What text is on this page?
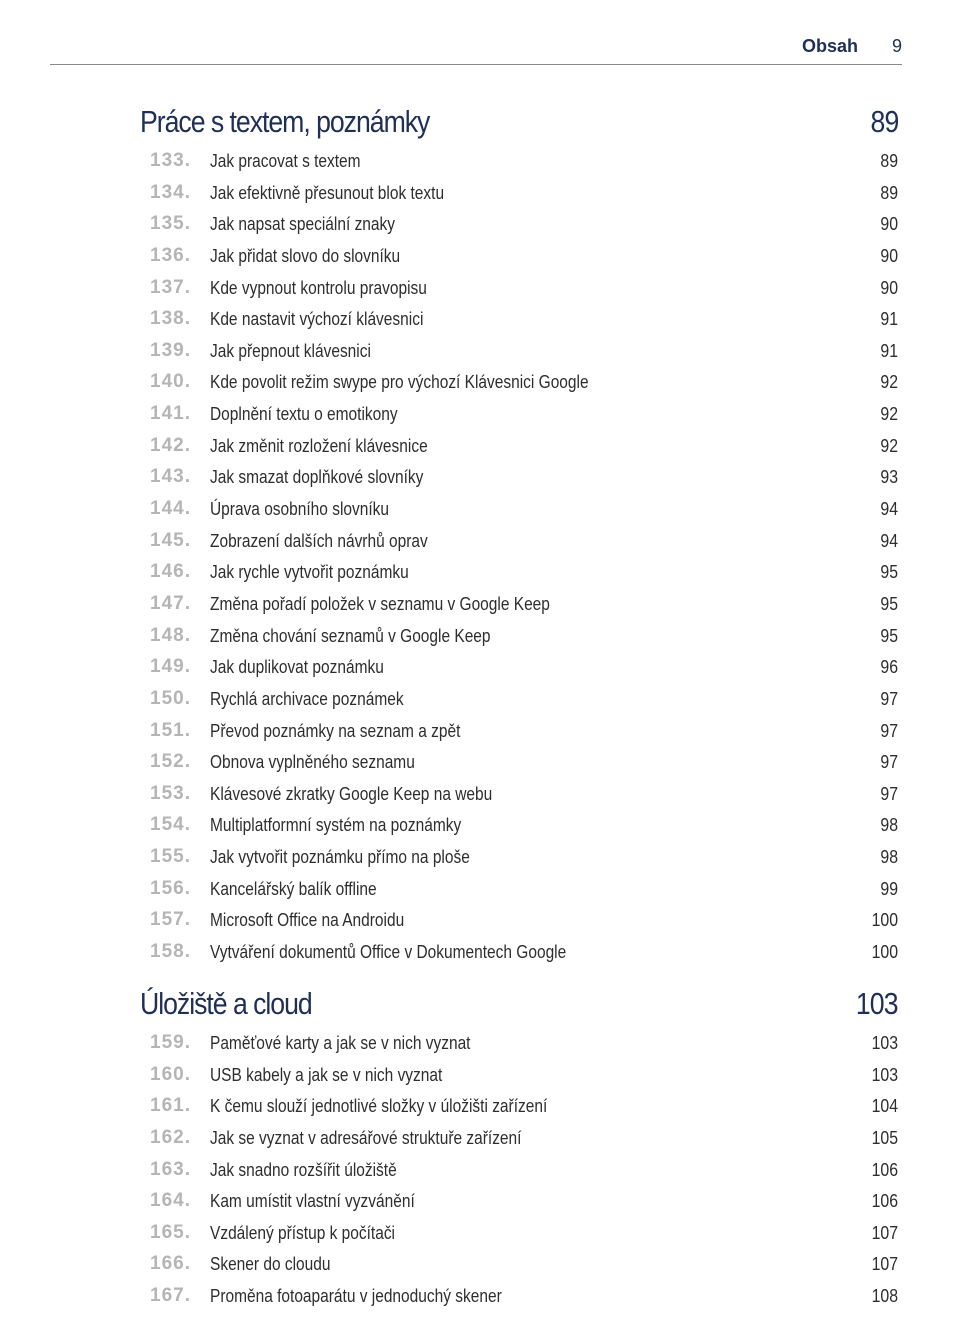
Obsah 9
Práce s textem, poznámky	89
133. Jak pracovat s textem	89
134. Jak efektivně přesunout blok textu	89
135. Jak napsat speciální znaky	90
136. Jak přidat slovo do slovníku	90
137. Kde vypnout kontrolu pravopisu	90
138. Kde nastavit výchozí klávesnici	91
139. Jak přepnout klávesnici	91
140. Kde povolit režim swype pro výchozí Klávesnici Google	92
141. Doplnění textu o emotikony	92
142. Jak změnit rozložení klávesnice	92
143. Jak smazat doplňkové slovníky	93
144. Úprava osobního slovníku	94
145. Zobrazení dalších návrhů oprav	94
146. Jak rychle vytvořit poznámku	95
147. Změna pořadí položek v seznamu v Google Keep	95
148. Změna chování seznamů v Google Keep	95
149. Jak duplikovat poznámku	96
150. Rychlá archivace poznámek	97
151. Převod poznámky na seznam a zpět	97
152. Obnova vyplněného seznamu	97
153. Klávesové zkratky Google Keep na webu	97
154. Multiplatformní systém na poznámky	98
155. Jak vytvořit poznámku přímo na ploše	98
156. Kancelářský balík offline	99
157. Microsoft Office na Androidu	100
158. Vytváření dokumentů Office v Dokumentech Google	100
Úložiště a cloud	103
159. Paměťové karty a jak se v nich vyznat	103
160. USB kabely a jak se v nich vyznat	103
161. K čemu slouží jednotlivé složky v úložišti zařízení	104
162. Jak se vyznat v adresářové struktuře zařízení	105
163. Jak snadno rozšířit úložiště	106
164. Kam umístit vlastní vyzvánění	106
165. Vzdálený přístup k počítači	107
166. Skener do cloudu	107
167. Proměna fotoaparátu v jednoduchý skener	108
